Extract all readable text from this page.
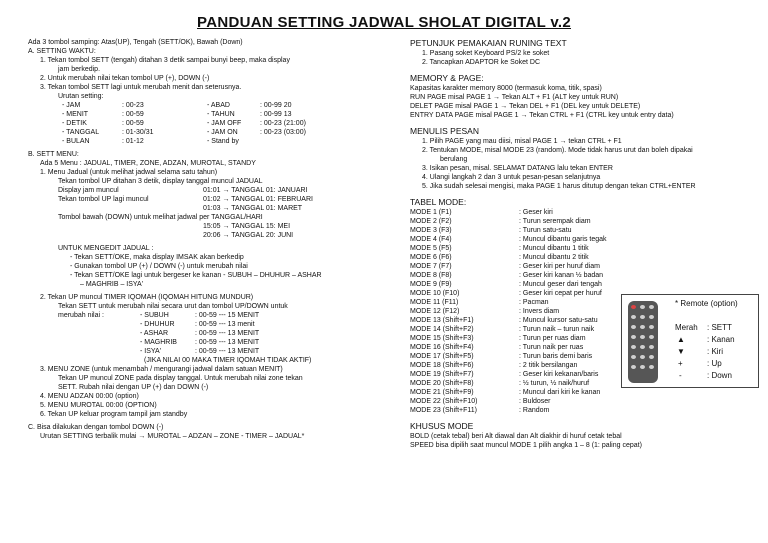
PANDUAN SETTING JADWAL SHOLAT DIGITAL v.2
Ada 3 tombol samping: Atas(UP), Tengah (SETT/OK), Bawah (Down)
A. SETTING WAKTU:
1. Tekan tombol SETT (tengah) ditahan 3 detik sampai bunyi beep, maka display
jam berkedip.
2. Untuk merubah nilai tekan tombol UP (+), DOWN (-)
3. Tekan tombol SETT lagi untuk merubah menit dan seterusnya.
Urutan setting:
- JAM	: 00-23	- ABAD	: 00-99 20
- MENIT	: 00-59	- TAHUN	: 00-99 13
- DETIK	: 00-59	- JAM OFF	: 00-23 (21:00)
- TANGGAL	: 01-30/31	- JAM ON	: 00-23 (03:00)
- BULAN	: 01-12	- Stand by	
B. SETT MENU:
Ada 5 Menu : JADUAL, TIMER, ZONE, ADZAN, MUROTAL, STANDY
1. Menu Jadual (untuk melihat jadwal selama satu tahun)
Tekan tombol UP ditahan 3 detik, display tanggal muncul JADUAL
Display jam muncul	01:01 → TANGGAL 01: JANUARI
Tekan tombol UP lagi muncul	01:02 → TANGGAL 01: FEBRUARI
	01:03 → TANGGAL 01: MARET
Tombol bawah (DOWN) untuk melihat jadwal per TANGGAL/HARI
15:05 → TANGGAL 15: MEI
20:06 → TANGGAL 20: JUNI
UNTUK MENGEDIT JADUAL :
- Tekan SETT/OKE, maka display IMSAK akan berkedip
- Gunakan tombol UP (+) / DOWN (-) untuk merubah nilai
- Tekan SETT/OKE lagi untuk bergeser ke kanan - SUBUH – DHUHUR – ASHAR
– MAGHRIB – ISYA'
2. Tekan UP muncul TIMER IQOMAH (IQOMAH HITUNG MUNDUR)
Tekan SETT untuk merubah nilai secara urut dan tombol UP/DOWN untuk
merubah nilai :	- SUBUH	: 00-59 --- 15 MENIT
- DHUHUR	: 00-59 --- 13 menit
- ASHAR	: 00-59 --- 13 MENIT
- MAGHRIB	: 00-59 --- 13 MENIT
- ISYA'	: 00-59 --- 13 MENIT
(JIKA NILAI 00 MAKA TIMER IQOMAH TIDAK AKTIF)
3. MENU ZONE (untuk menambah / mengurangi jadwal dalam satuan MENIT)
Tekan UP muncul ZONE pada display tanggal. Untuk merubah nilai zone tekan
SETT. Rubah nilai dengan UP (+) dan DOWN (-)
4. MENU ADZAN 00:00 (option)
5. MENU MUROTAL 00:00 (OPTION)
6. Tekan UP keluar program tampil jam standby
C. Bisa dilakukan dengan tombol DOWN (-)
Urutan SETTING terbalik mulai → MUROTAL – ADZAN – ZONE - TIMER – JADUAL*
PETUNJUK PEMAKAIAN RUNING TEXT
1. Pasang soket Keyboard PS/2 ke soket
2. Tancapkan ADAPTOR ke Soket DC
MEMORY & PAGE:
Kapasitas karakter memory 8000 (termasuk koma, titik, spasi)
RUN PAGE misal PAGE 1 → Tekan ALT + F1 (ALT key untuk RUN)
DELET PAGE misal PAGE 1 → Tekan DEL + F1 (DEL key untuk DELETE)
ENTRY DATA PAGE misal PAGE 1 → Tekan CTRL + F1 (CTRL key untuk entry data)
MENULIS PESAN
1. Pilih PAGE yang mau diisi, misal PAGE 1 → tekan CTRL + F1
2. Tentukan MODE, misal MODE 23 (random). Mode tidak harus urut dan boleh dipakai
berulang
3. Isikan pesan, misal. SELAMAT DATANG lalu tekan ENTER
4. Ulangi langkah 2 dan 3 untuk pesan-pesan selanjutnya
5. Jika sudah selesai mengisi, maka PAGE 1 harus ditutup dengan tekan CTRL+ENTER
TABEL MODE:
MODE 1 (F1)	: Geser kiri
MODE 2 (F2)	: Turun serempak diam
MODE 3 (F3)	: Turun satu-satu
MODE 4 (F4)	: Muncul dibantu garis tegak
MODE 5 (F5)	: Muncul dibantu 1 titik
MODE 6 (F6)	: Muncul dibantu 2 titik
MODE 7 (F7)	: Geser kiri per huruf diam
MODE 8 (F8)	: Geser kiri kanan ½ badan
MODE 9 (F9)	: Muncul geser dari tengah
MODE 10 (F10)	: Geser kiri cepat per huruf
MODE 11 (F11)	: Pacman
MODE 12 (F12)	: Invers diam
MODE 13 (Shift+F1)	: Muncul kursor satu-satu
MODE 14 (Shift+F2)	: Turun naik – turun naik
MODE 15 (Shift+F3)	: Turun per ruas diam
MODE 16 (Shift+F4)	: Turun naik per ruas
MODE 17 (Shift+F5)	: Turun baris demi baris
MODE 18 (Shift+F6)	: 2 titik bersilangan
MODE 19 (Shift+F7)	: Geser kiri kekanan/baris
MODE 20 (Shift+F8)	: ½ turun, ½ naik/huruf
MODE 21 (Shift+F9)	: Muncul dari kiri ke kanan
MODE 22 (Shift+F10)	: Buldoser
MODE 23 (Shift+F11)	: Random
KHUSUS MODE
BOLD (cetak tebal) beri Alt diawal dan Alt diakhir di huruf cetak tebal
SPEED bisa dipilih saat muncul MODE 1 pilih angka 1 – 8 (1: paling cepat)
* Remote (option)
Merah : SETT
▲	: Kanan
▼	: Kiri
+	: Up
-	: Down
